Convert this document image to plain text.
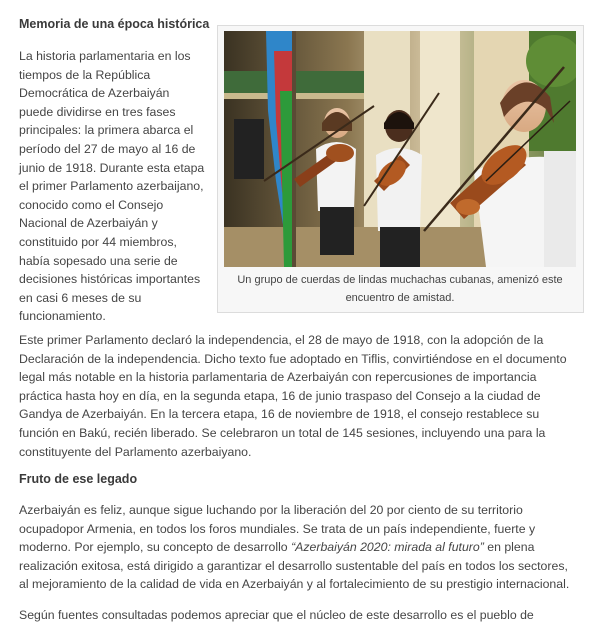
Memoria de una época histórica

La historia parlamentaria en los tiempos de la República Democrática de Azerbaiyán puede dividirse en tres fases principales: la primera abarca el período del 27 de mayo al 16 de junio de 1918. Durante esta etapa el primer Parlamento azerbaijano, conocido como el Consejo Nacional de Azerbaiyán y constituido por 44 miembros, había sopesado una serie de decisiones históricas importantes en casi 6 meses de su funcionamiento.

Un grupo de cuerdas de lindas muchachas cubanas, amenizó este encuentro de amistad.

Este primer Parlamento declaró la independencia, el 28 de mayo de 1918, con la adopción de la Declaración de la independencia. Dicho texto fue adoptado en Tiflis, convirtiéndose en el documento legal más notable en la historia parlamentaria de Azerbaiyán con repercusiones de importancia práctica hasta hoy en día, en la segunda etapa, 16 de junio traspaso del Consejo a la ciudad de Gandya de Azerbaiyán. En la tercera etapa, 16 de noviembre de 1918, el consejo restablece su función en Bakú, recién liberado. Se celebraron un total de 145 sesiones, incluyendo una para la constituyente del Parlamento azerbaiyano.

Fruto de ese legado

Azerbaiyán es feliz, aunque sigue luchando por la liberación del 20 por ciento de su territorio ocupadopor Armenia, en todos los foros mundiales. Se trata de un país independiente, fuerte y moderno. Por ejemplo, su concepto de desarrollo “Azerbaiyán 2020: mirada al futuro” en plena realización exitosa, está dirigido a garantizar el desarrollo sustentable del país en todos los sectores, al mejoramiento de la calidad de vida en Azerbaiyán y al fortalecimiento de su prestigio internacional.

Según fuentes consultadas podemos apreciar que el núcleo de este desarrollo es el pueblo de
